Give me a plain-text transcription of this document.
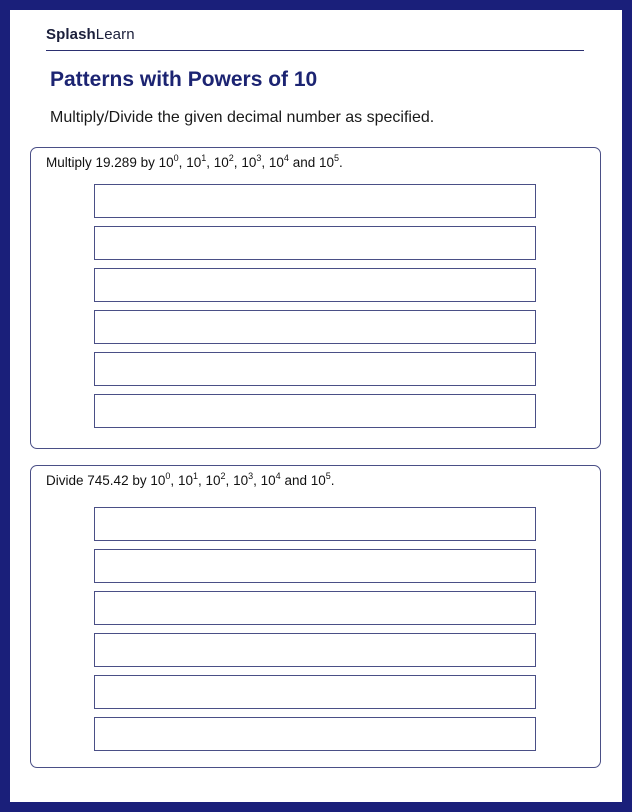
SplashLearn
Patterns with Powers of 10
Multiply/Divide the given decimal number as specified.
Multiply 19.289 by $10^0$, $10^1$, $10^2$, $10^3$, $10^4$ and $10^5$.
Divide 745.42 by $10^0$, $10^1$, $10^2$, $10^3$, $10^4$ and $10^5$.
